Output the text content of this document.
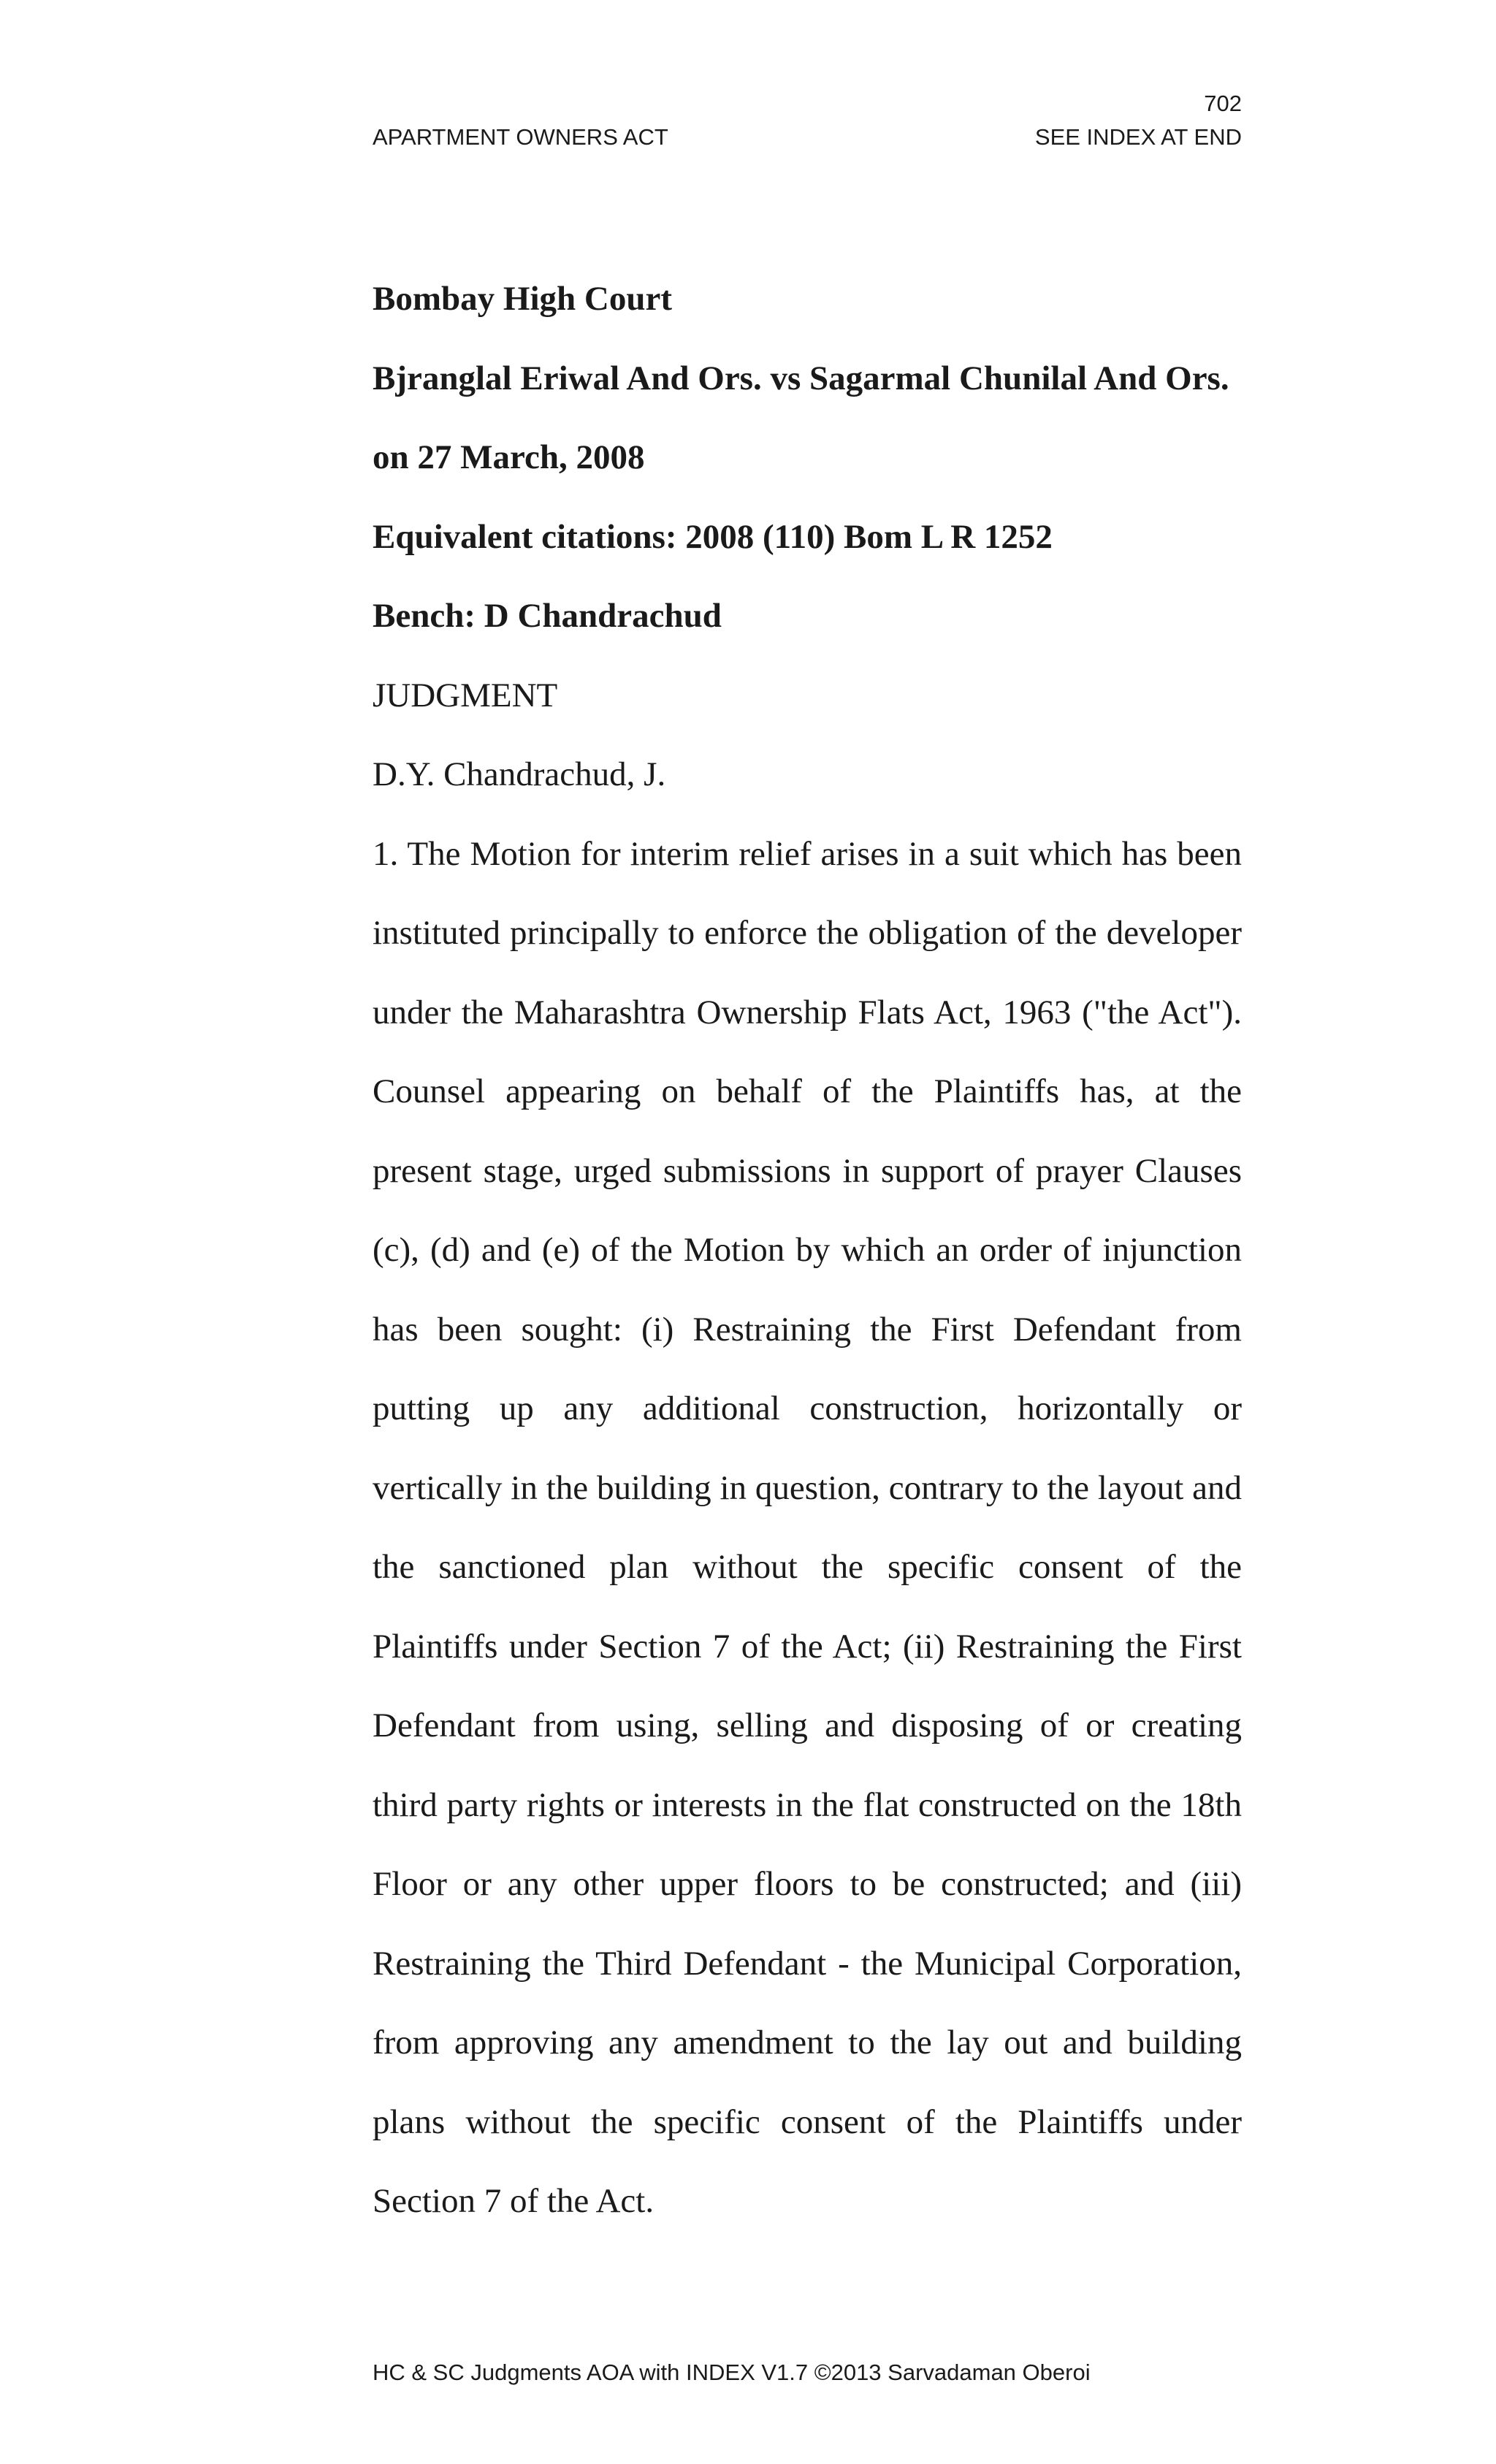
702
APARTMENT OWNERS ACT	SEE INDEX AT END

Bombay High Court

Bjranglal Eriwal And Ors. vs Sagarmal Chunilal And Ors.

on 27 March, 2008

Equivalent citations: 2008 (110) Bom L R 1252

Bench: D Chandrachud

JUDGMENT

D.Y. Chandrachud, J.

1. The Motion for interim relief arises in a suit which has been instituted principally to enforce the obligation of the developer under the Maharashtra Ownership Flats Act, 1963 ("the Act"). Counsel appearing on behalf of the Plaintiffs has, at the present stage, urged submissions in support of prayer Clauses (c), (d) and (e) of the Motion by which an order of injunction has been sought: (i) Restraining the First Defendant from putting up any additional construction, horizontally or vertically in the building in question, contrary to the layout and the sanctioned plan without the specific consent of the Plaintiffs under Section 7 of the Act; (ii) Restraining the First Defendant from using, selling and disposing of or creating third party rights or interests in the flat constructed on the 18th Floor or any other upper floors to be constructed; and (iii) Restraining the Third Defendant - the Municipal Corporation, from approving any amendment to the lay out and building plans without the specific consent of the Plaintiffs under Section 7 of the Act.

HC & SC Judgments AOA with INDEX V1.7 ©2013 Sarvadaman Oberoi
